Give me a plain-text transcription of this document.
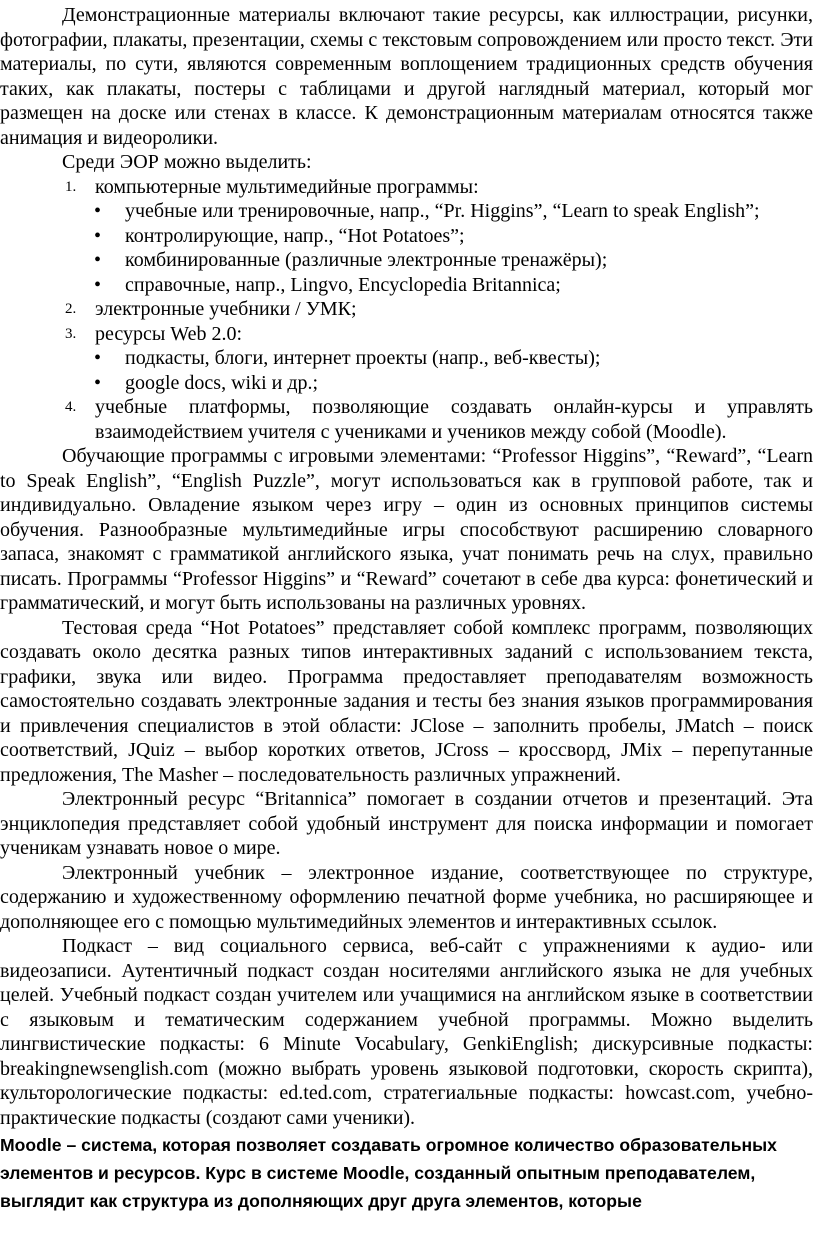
Демонстрационные материалы включают такие ресурсы, как иллюстрации, рисунки, фотографии, плакаты, презентации, схемы с текстовым сопровождением или просто текст. Эти материалы, по сути, являются современным воплощением традиционных средств обучения таких, как плакаты, постеры с таблицами и другой наглядный материал, который мог размещен на доске или стенах в классе. К демонстрационным материалам относятся также анимация и видеоролики.

Среди ЭОР можно выделить:

1. компьютерные мультимедийные программы:
• учебные или тренировочные, напр., “Pr. Higgins”, “Learn to speak English”;
• контролирующие, напр., “Hot Potatoes”;
• комбинированные (различные электронные тренажёры);
• справочные, напр., Lingvo, Encyclopedia Britannica;
2. электронные учебники / УМК;
3. ресурсы Web 2.0:
• подкасты, блоги, интернет проекты (напр., веб-квесты);
• google docs, wiki и др.;
4. учебные платформы, позволяющие создавать онлайн-курсы и управлять взаимодействием учителя с учениками и учеников между собой (Moodle).

Обучающие программы с игровыми элементами: “Professor Higgins”, “Reward”, “Learn to Speak English”, “English Puzzle”, могут использоваться как в групповой работе, так и индивидуально. Овладение языком через игру – один из основных принципов системы обучения. Разнообразные мультимедийные игры способствуют расширению словарного запаса, знакомят с грамматикой английского языка, учат понимать речь на слух, правильно писать. Программы “Professor Higgins” и “Reward” сочетают в себе два курса: фонетический и грамматический, и могут быть использованы на различных уровнях.

Тестовая среда “Hot Potatoes” представляет собой комплекс программ, позволяющих создавать около десятка разных типов интерактивных заданий с использованием текста, графики, звука или видео. Программа предоставляет преподавателям возможность самостоятельно создавать электронные задания и тесты без знания языков программирования и привлечения специалистов в этой области: JClose – заполнить пробелы, JMatch – поиск соответствий, JQuiz – выбор коротких ответов, JCross – кроссворд, JMix – перепутанные предложения, The Masher – последовательность различных упражнений.

Электронный ресурс “Britannica” помогает в создании отчетов и презентаций. Эта энциклопедия представляет собой удобный инструмент для поиска информации и помогает ученикам узнавать новое о мире.

Электронный учебник – электронное издание, соответствующее по структуре, содержанию и художественному оформлению печатной форме учебника, но расширяющее и дополняющее его с помощью мультимедийных элементов и интерактивных ссылок.

Подкаст – вид социального сервиса, веб-сайт с упражнениями к аудио- или видеозаписи. Аутентичный подкаст создан носителями английского языка не для учебных целей. Учебный подкаст создан учителем или учащимися на английском языке в соответствии с языковым и тематическим содержанием учебной программы. Можно выделить лингвистические подкасты: 6 Minute Vocabulary, GenkiEnglish; дискурсивные подкасты: breakingnewsenglish.com (можно выбрать уровень языковой подготовки, скорость скрипта), культорологические подкасты: ed.ted.com, стратегиальные подкасты: howcast.com, учебно-практические подкасты (создают сами ученики).

Moodle – система, которая позволяет создавать огромное количество образовательных элементов и ресурсов. Курс в системе Moodle, созданный опытным преподавателем, выглядит как структура из дополняющих друг друга элементов, которые
